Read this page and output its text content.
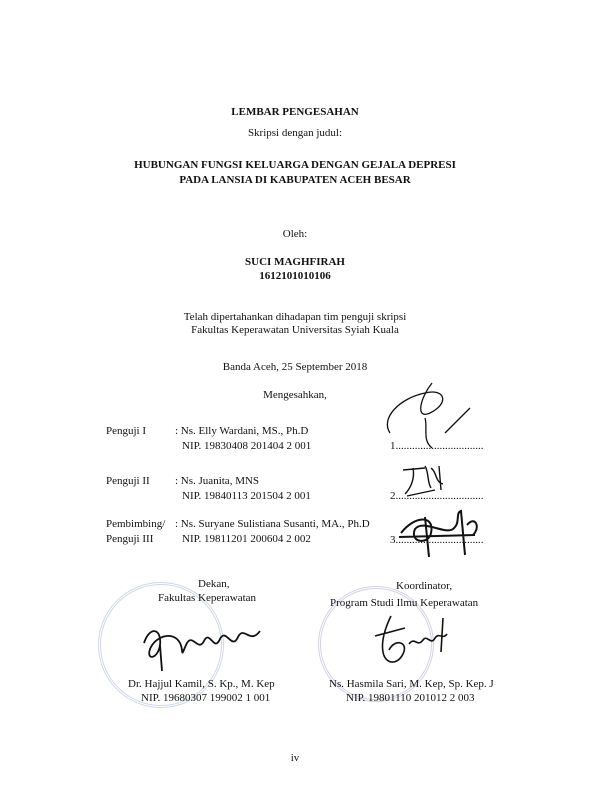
LEMBAR PENGESAHAN
Skripsi dengan judul:
HUBUNGAN FUNGSI KELUARGA DENGAN GEJALA DEPRESI
PADA LANSIA DI KABUPATEN ACEH BESAR
Oleh:
SUCI MAGHFIRAH
1612101010106
Telah dipertahankan dihadapan tim penguji skripsi
Fakultas Keperawatan Universitas Syiah Kuala
Banda Aceh, 25 September 2018
Mengesahkan,
Penguji I	: Ns. Elly Wardani, MS., Ph.D
NIP. 19830408 201404 2 001	1................................
Penguji II : Ns. Juanita, MNS
NIP. 19840113 201504 2 001	2................................
Pembimbing/
Penguji III
: Ns. Suryane Sulistiana Susanti, MA., Ph.D
NIP. 19811201 200604 2 002	3................................
Dekan,
Fakultas Keperawatan
Dr. Hajjul Kamil, S. Kp., M. Kep
NIP. 19680307 199002 1 001
Koordinator,
Program Studi Ilmu Keperawatan
Ns. Hasmila Sari, M. Kep, Sp. Kep. J
NIP. 19801110 201012 2 003
iv
